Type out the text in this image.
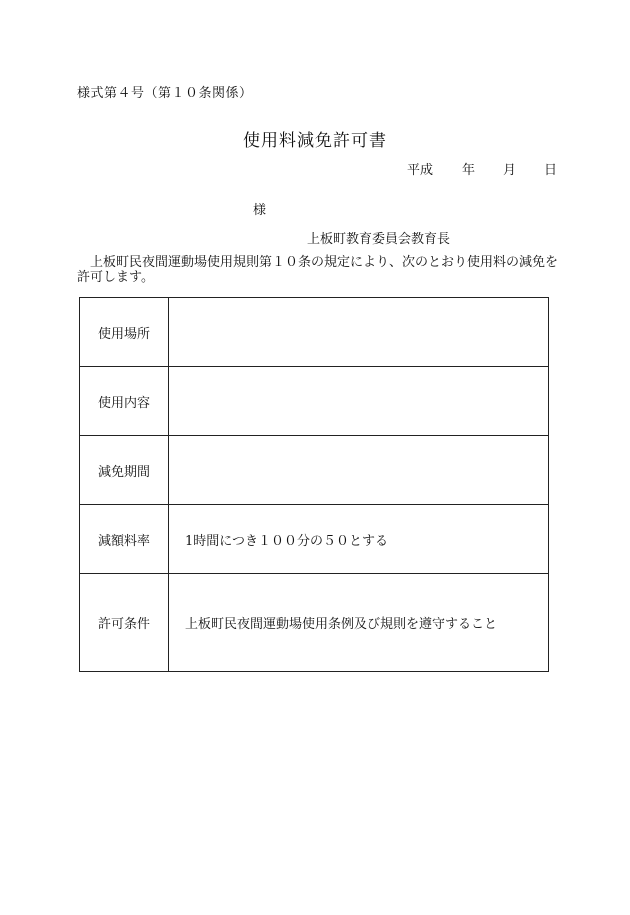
様式第４号（第１０条関係）
使用料減免許可書
平成 年 月 日
様
上板町教育委員会教育長
上板町民夜間運動場使用規則第１０条の規定により、次のとおり使用料の減免を許可します。
使用場所	
使用内容	
減免期間	
減額料率	1時間につき１００分の５０とする
許可条件	上板町民夜間運動場使用条例及び規則を遵守すること
